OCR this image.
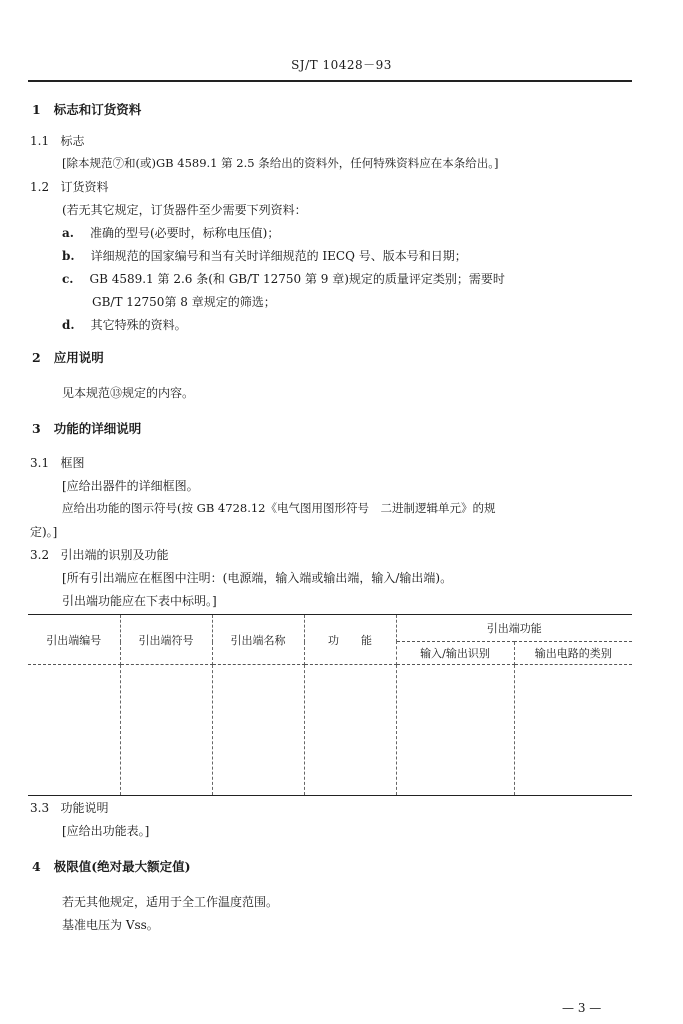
SJ/T 10428－93
1 标志和订货资料
1.1 标志
[除本规范⑦和(或)GB 4589.1 第 2.5 条给出的资料外，任何特殊资料应在本条给出。]
1.2 订货资料
(若无其它规定，订货器件至少需要下列资料：
a. 准确的型号(必要时，标称电压值)；
b. 详细规范的国家编号和当有关时详细规范的 IECQ 号、版本号和日期；
c. GB 4589.1 第 2.6 条(和 GB/T 12750 第 9 章)规定的质量评定类别；需要时
GB/T 12750第 8 章规定的筛选；
d. 其它特殊的资料。
2 应用说明
见本规范⑬规定的内容。
3 功能的详细说明
3.1 框图
[应给出器件的详细框图。
应给出功能的图示符号(按 GB 4728.12《电气图用图形符号　二进制逻辑单元》的规
定)。]
3.2 引出端的识别及功能
[所有引出端应在框图中注明：(电源端，输入端或输出端，输入/输出端)。
引出端功能应在下表中标明。]
引出端编号	引出端符号	引出端名称	功　　能	引出端功能	
				输入/输出识别	输出电路的类别

3.3 功能说明
[应给出功能表。]
4 极限值(绝对最大额定值)
若无其他规定，适用于全工作温度范围。
基准电压为 Vss。
— 3 —
